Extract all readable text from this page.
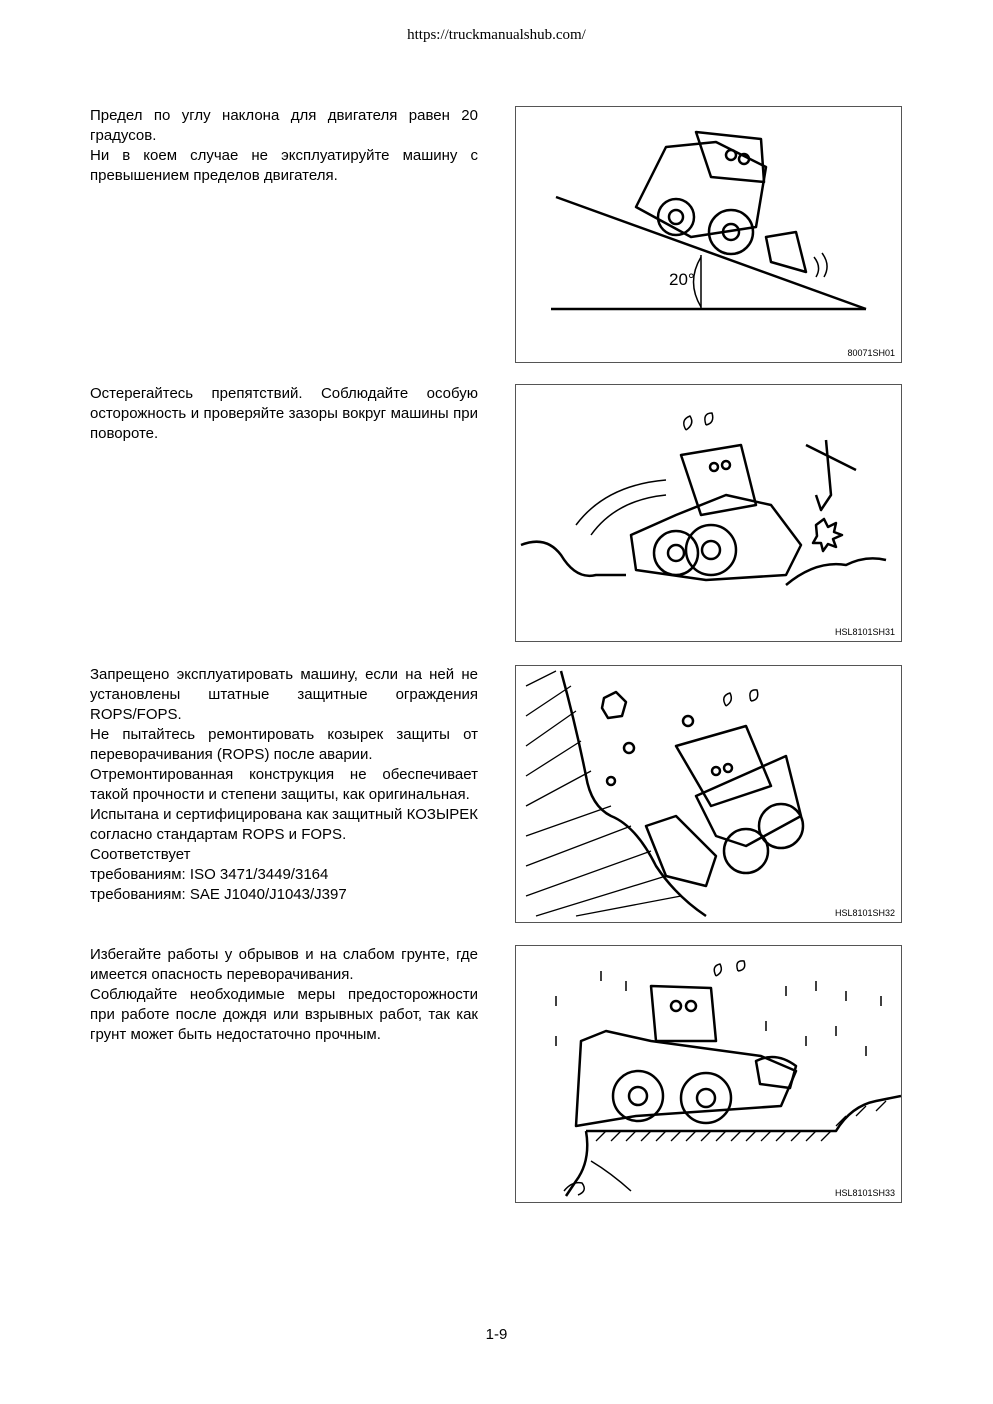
https://truckmanualshub.com/

Предел по углу наклона для двигателя равен 20 градусов.

Ни в коем случае не эксплуатируйте машину с превышением пределов двигателя.

20°
80071SH01

Остерегайтесь препятствий. Соблюдайте особую осторожность и проверяйте зазоры вокруг машины при повороте.

HSL8101SH31

Запрещено эксплуатировать машину, если на ней не установлены штатные защитные ограждения ROPS/FOPS.

Не пытайтесь ремонтировать козырек защиты от переворачивания (ROPS) после аварии.

Отремонтированная конструкция не обеспечивает такой прочности и степени защиты, как оригинальная.

Испытана и сертифицирована как защитный КОЗЫРЕК согласно стандартам ROPS и FOPS.

Соответствует

требованиям: ISO 3471/3449/3164

требованиям: SAE J1040/J1043/J397

HSL8101SH32

Избегайте работы у обрывов и на слабом грунте, где имеется опасность переворачивания.

Соблюдайте необходимые меры предосторожности при работе после дождя или взрывных работ, так как грунт может быть недостаточно прочным.

HSL8101SH33
1-9
